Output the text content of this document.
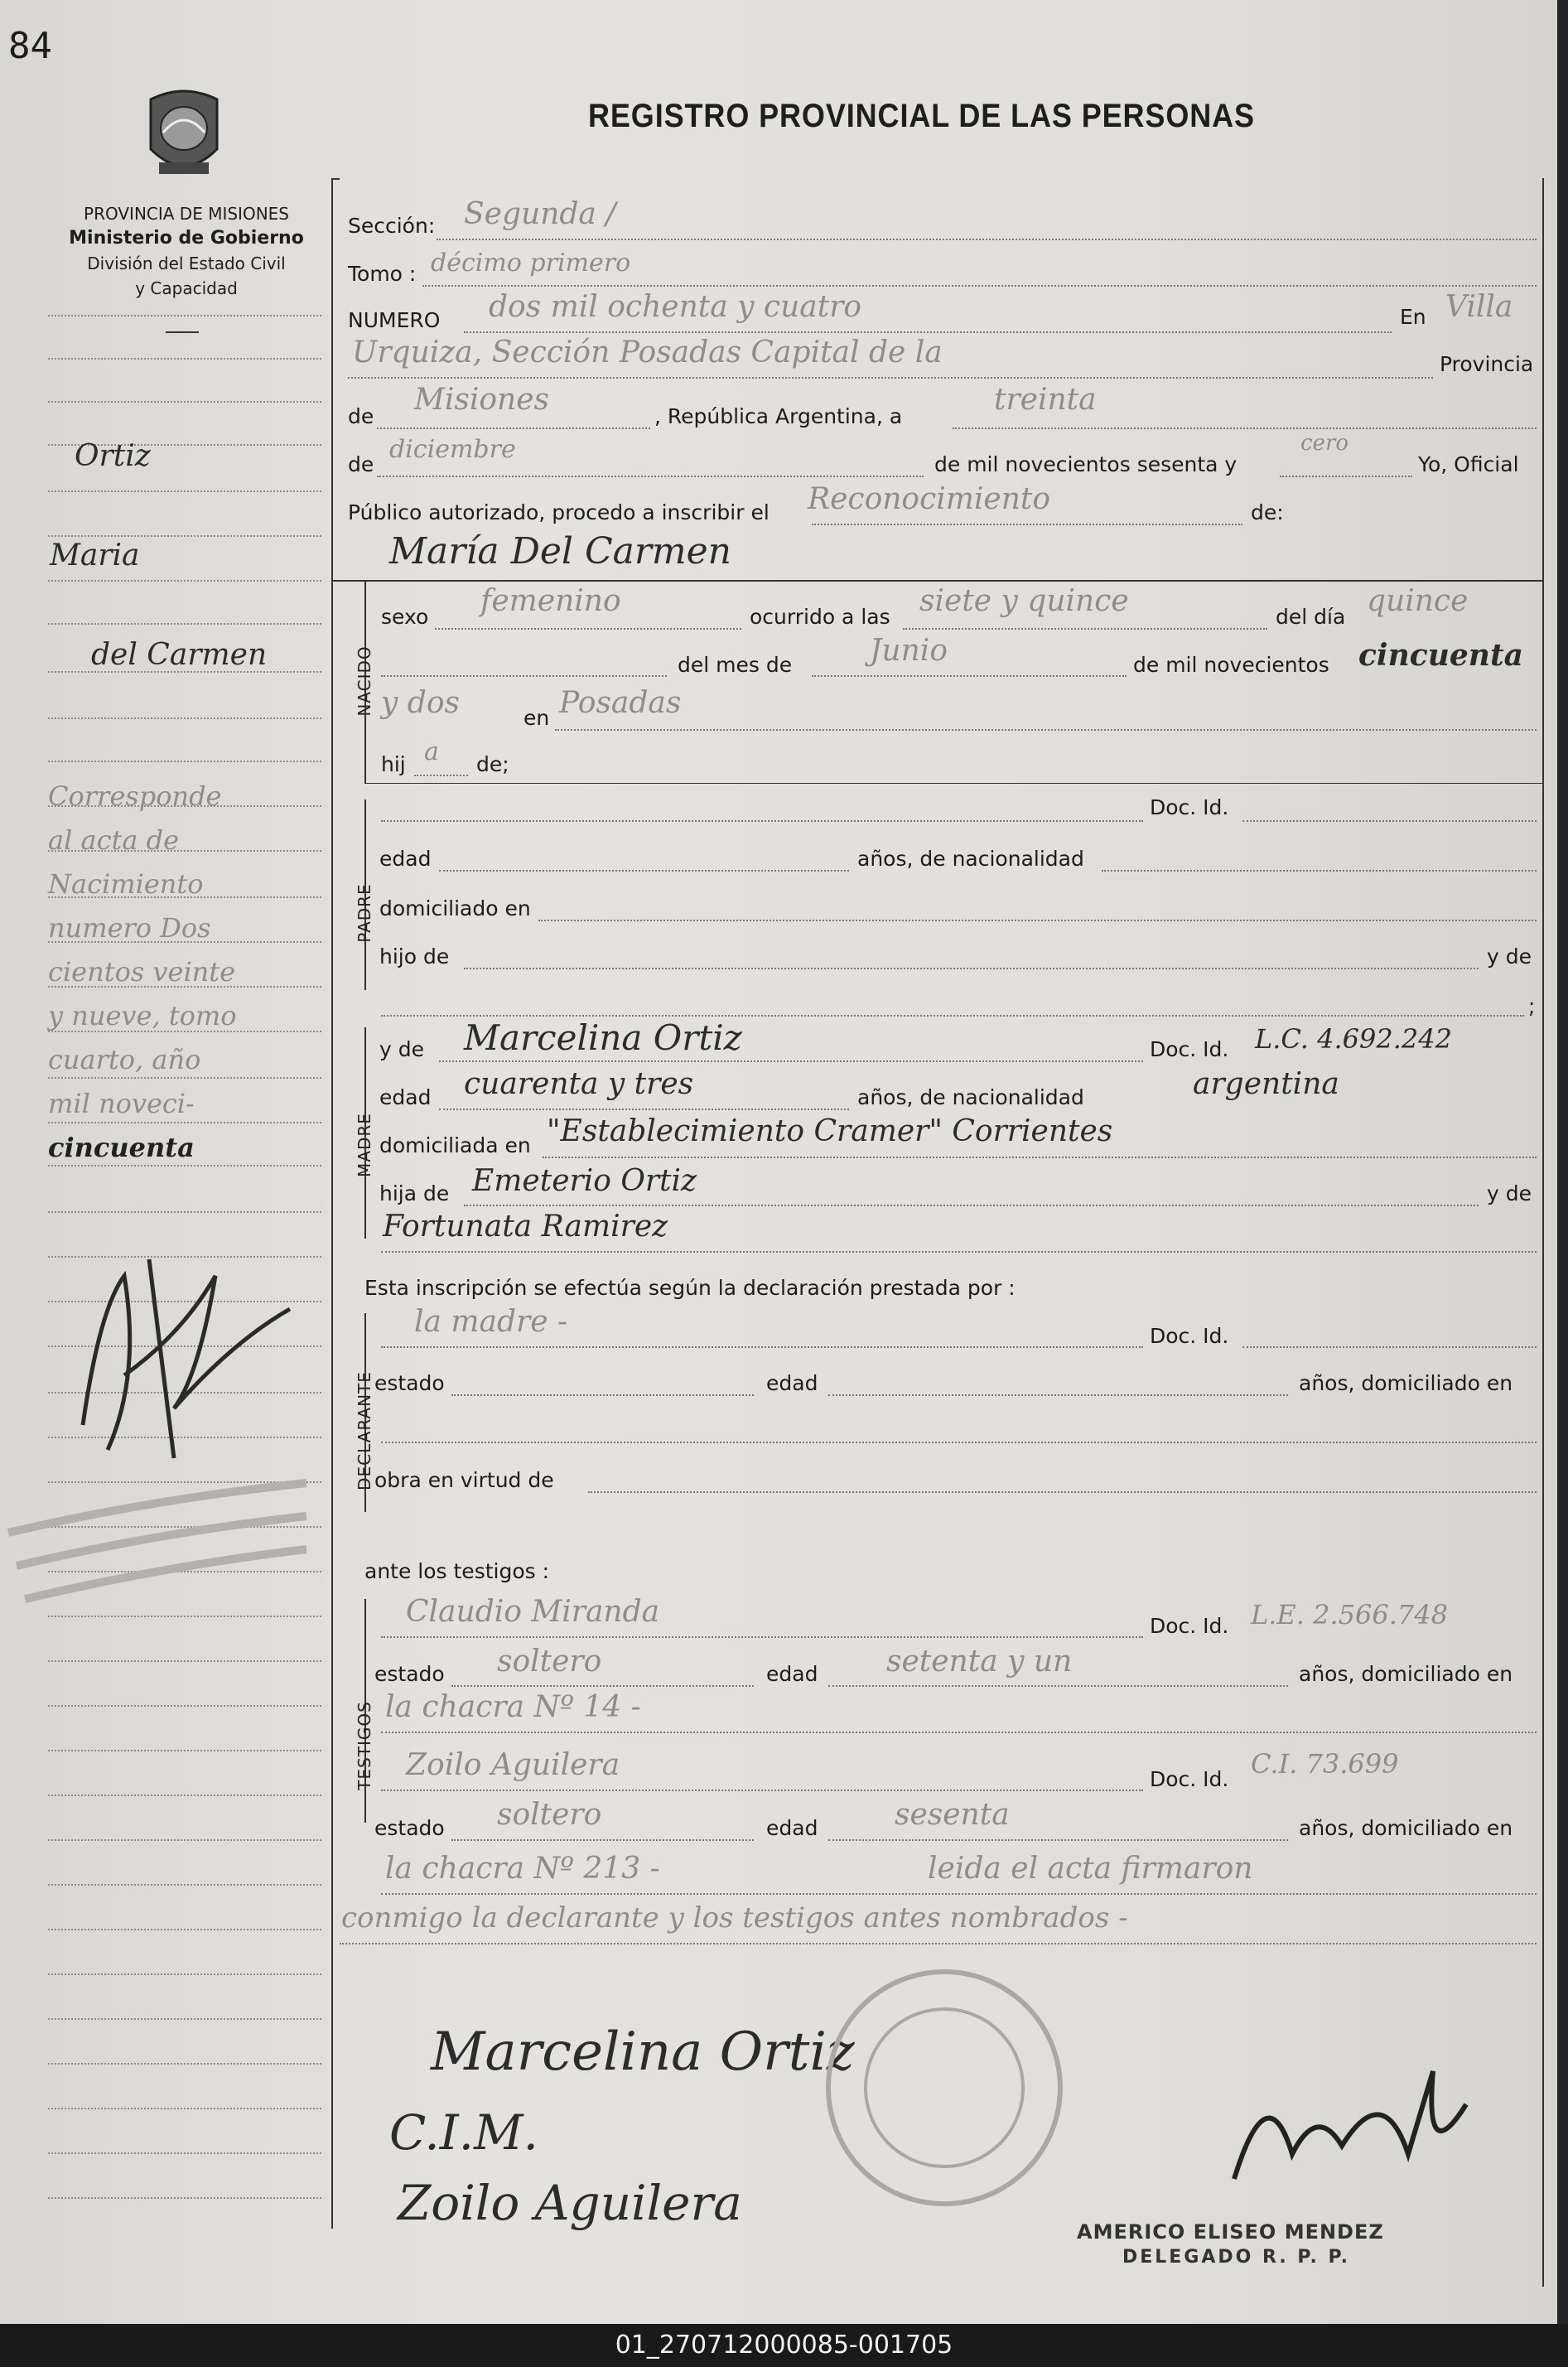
84
PROVINCIA DE MISIONES
Ministerio de Gobierno
División del Estado Civil
y Capacidad
REGISTRO PROVINCIAL DE LAS PERSONAS
Ortiz
Maria
del Carmen
Corresponde
al acta de
Nacimiento
numero Dos
cientos veinte
y nueve, tomo
cuarto, año
mil noveci-
cincuenta
Sección: Segunda /
Tomo : décimo primero
NUMERO dos mil ochenta y cuatro	En Villa
Urquiza, Sección Posadas Capital de la	Provincia
de Misiones	, República Argentina, a	treinta
de
diciembre
de mil novecientos sesenta y
cero
Yo, Oficial
Público autorizado, procedo a inscribir el Reconocimiento	de:
María Del Carmen
NACIDO
sexo femenino	ocurrido a las siete y quince	del día quince
del mes de	Junio	de mil novecientos cincuenta
y dos	en Posadas
hij a de;
PADRE
Doc. Id.
edad	años, de nacionalidad
domiciliado en
hijo de	y de
;
MADRE
y de Marcelina Ortiz	Doc. Id. L.C. 4.692.242
edad cuarenta y tres	años, de nacionalidad	argentina
domiciliada en "Establecimiento Cramer" Corrientes
hija de Emeterio Ortiz	y de
Fortunata Ramirez
Esta inscripción se efectúa según la declaración prestada por :
DECLARANTE
la madre -	Doc. Id.
estado	edad	años, domiciliado en
obra en virtud de
ante los testigos :
TESTIGOS
Claudio Miranda	Doc. Id. L.E. 2.566.748
estado soltero	edad setenta y un	años, domiciliado en
la chacra Nº 14 -
Zoilo Aguilera	Doc. Id. C.I. 73.699
estado soltero	edad	sesenta	años, domiciliado en
la chacra Nº 213 -	leida el acta firmaron
conmigo la declarante y los testigos antes nombrados -
Marcelina Ortiz
C.I.M.
Zoilo Aguilera
AMERICO ELISEO MENDEZ
DELEGADO R. P. P.
01_270712000085-001705
